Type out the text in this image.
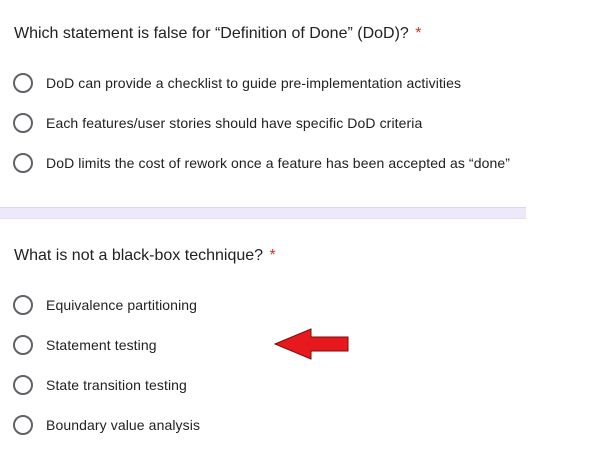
Which statement is false for “Definition of Done” (DoD)? *
DoD can provide a checklist to guide pre-implementation activities
Each features/user stories should have specific DoD criteria
DoD limits the cost of rework once a feature has been accepted as “done”
What is not a black-box technique? *
Equivalence partitioning
Statement testing
State transition testing
Boundary value analysis
